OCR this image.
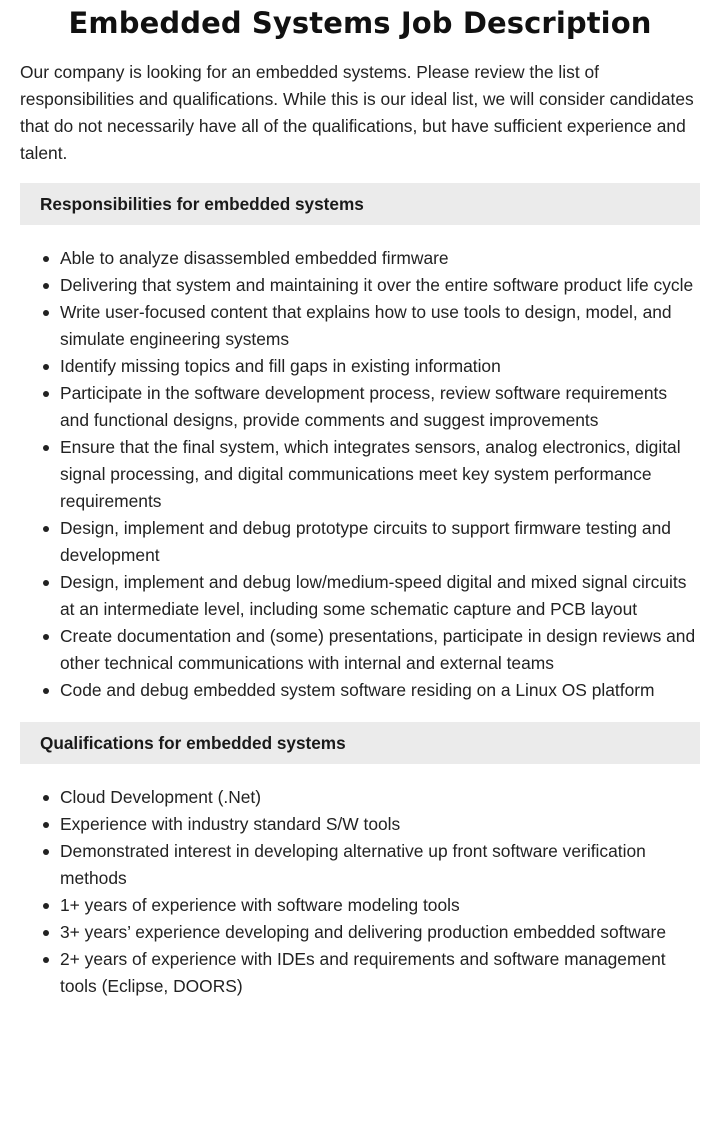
Embedded Systems Job Description

Our company is looking for an embedded systems. Please review the list of responsibilities and qualifications. While this is our ideal list, we will consider candidates that do not necessarily have all of the qualifications, but have sufficient experience and talent.

Responsibilities for embedded systems
Able to analyze disassembled embedded firmware
Delivering that system and maintaining it over the entire software product life cycle
Write user-focused content that explains how to use tools to design, model, and simulate engineering systems
Identify missing topics and fill gaps in existing information
Participate in the software development process, review software requirements and functional designs, provide comments and suggest improvements
Ensure that the final system, which integrates sensors, analog electronics, digital signal processing, and digital communications meet key system performance requirements
Design, implement and debug prototype circuits to support firmware testing and development
Design, implement and debug low/medium-speed digital and mixed signal circuits at an intermediate level, including some schematic capture and PCB layout
Create documentation and (some) presentations, participate in design reviews and other technical communications with internal and external teams
Code and debug embedded system software residing on a Linux OS platform
Qualifications for embedded systems
Cloud Development (.Net)
Experience with industry standard S/W tools
Demonstrated interest in developing alternative up front software verification methods
1+ years of experience with software modeling tools
3+ years’ experience developing and delivering production embedded software
2+ years of experience with IDEs and requirements and software management tools (Eclipse, DOORS)
